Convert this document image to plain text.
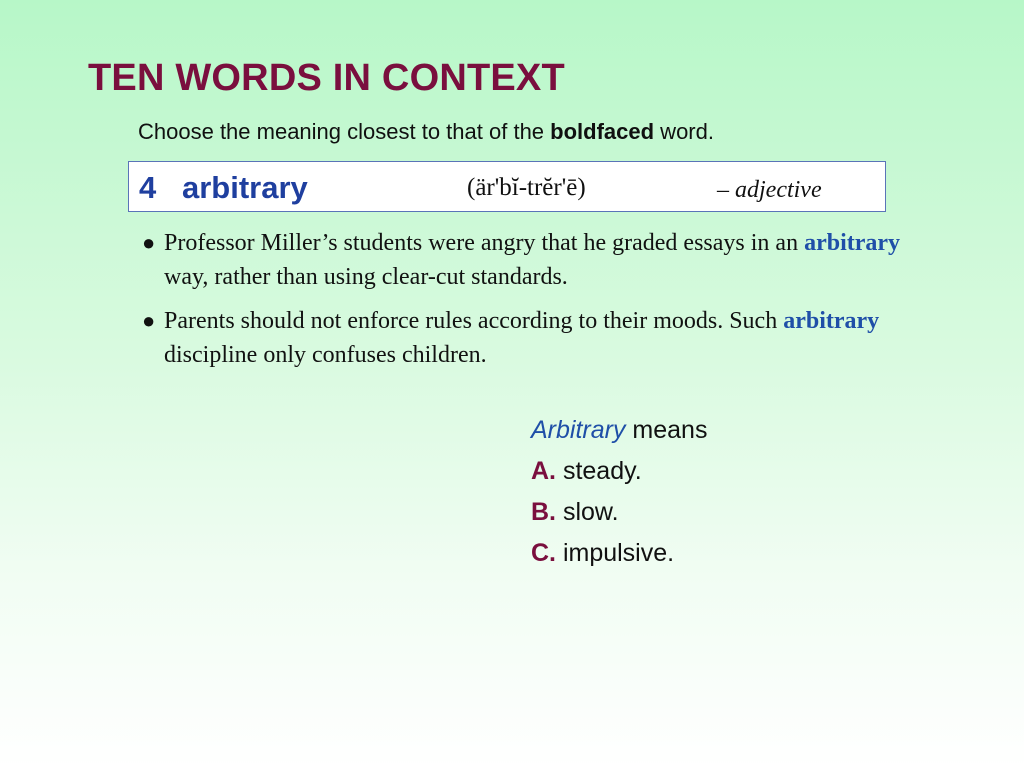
TEN WORDS IN CONTEXT
Choose the meaning closest to that of the boldfaced word.
4 arbitrary	(är'bĭ-trĕr'ē)	– adjective
● Professor Miller’s students were angry that he graded essays in an arbitrary way, rather than using clear-cut standards.
● Parents should not enforce rules according to their moods. Such arbitrary discipline only confuses children.
Arbitrary means
A. steady.
B. slow.
C. impulsive.
